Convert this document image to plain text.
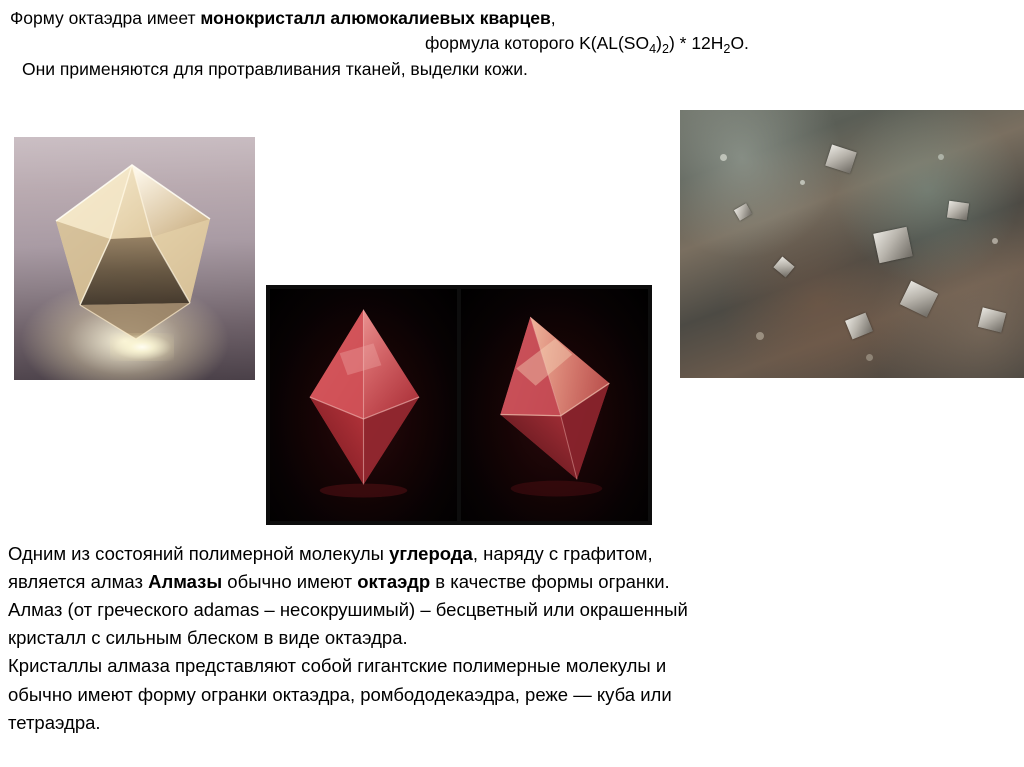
Форму октаэдра имеет монокристалл алюмокалиевых кварцев,
формула которого $K(AL(SO_4)_2) * 12H_2O$.
Они применяются для протравливания тканей, выделки кожи.

Одним из состояний полимерной молекулы углерода, наряду с графитом,

является алмаз Алмазы обычно имеют октаэдр в качестве формы огранки.

Алмаз (от греческого adamas – несокрушимый) – бесцветный или окрашенный

кристалл с сильным блеском в виде октаэдра.

Кристаллы алмаза представляют собой гигантские полимерные молекулы и

обычно имеют форму огранки октаэдра, ромбододекаэдра, реже — куба или

тетраэдра.
